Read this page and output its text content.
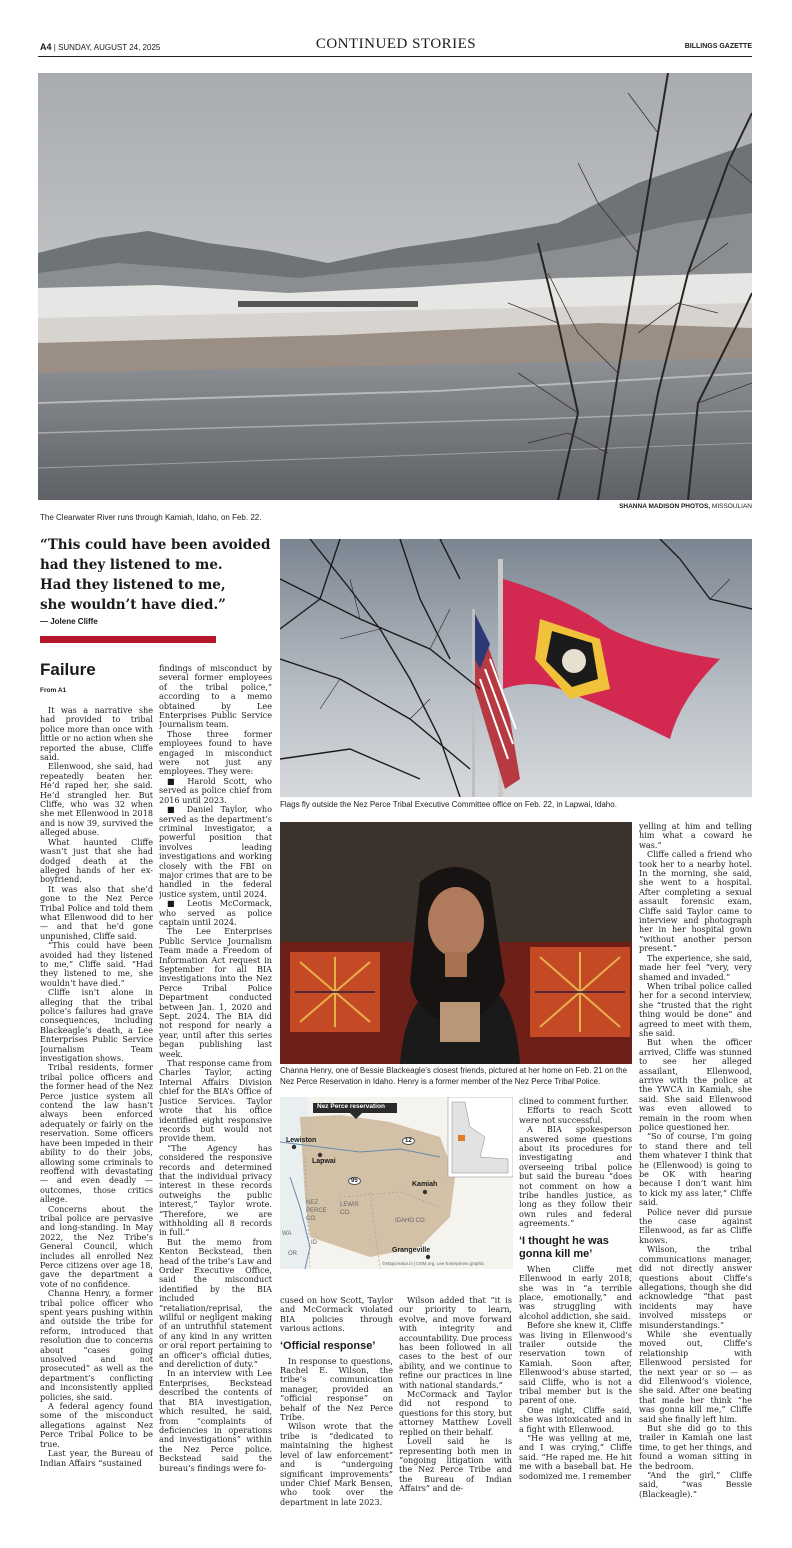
A4 | SUNDAY, AUGUST 24, 2025	CONTINUED STORIES	BILLINGS GAZETTE
SHANNA MADISON PHOTOS, MISSOULIAN
The Clearwater River runs through Kamiah, Idaho, on Feb. 22.
“This could have been avoided
had they listened to me.
Had they listened to me,
she wouldn’t have died.”
— Jolene Cliffe
Failure
From A1
Flags fly outside the Nez Perce Tribal Executive Committee office on Feb. 22, in Lapwai, Idaho.
Channa Henry, one of Bessie Blackeagle’s closest friends, pictured at her home on Feb. 21 on the Nez Perce Reservation in Idaho. Henry is a former member of the Nez Perce Tribal Police.
Nez Perce reservation
Lewiston
Lapwai
Kamiah
Grangeville
12
95
NEZ PERCE CO.
LEWIS CO.
IDAHO CO.
WA
OR
ID
©Mapcreator.io | OSM.org, Lee Enterprises graphic

It was a narrative she had provided to tribal police more than once with little or no action when she reported the abuse, Cliffe said.

Ellenwood, she said, had repeatedly beaten her. He’d raped her, she said. He’d strangled her. But Cliffe, who was 32 when she met Ellenwood in 2018 and is now 39, survived the alleged abuse.

What haunted Cliffe wasn’t just that she had dodged death at the alleged hands of her ex-boyfriend.

It was also that she’d gone to the Nez Perce Tribal Police and told them what Ellenwood did to her — and that he’d gone unpunished, Cliffe said.

“This could have been avoided had they listened to me,” Cliffe said. “Had they listened to me, she wouldn’t have died.”

Cliffe isn’t alone in alleging that the tribal police’s failures had grave consequences, including Blackeagle’s death, a Lee Enterprises Public Service Journalism Team investigation shows.

Tribal residents, former tribal police officers and the former head of the Nez Perce justice system all contend the law hasn’t always been enforced adequately or fairly on the reservation. Some officers have been impeded in their ability to do their jobs, allowing some criminals to reoffend with devastating — and even deadly — outcomes, those critics allege.

Concerns about the tribal police are pervasive and long-standing. In May 2022, the Nez Tribe’s General Council, which includes all enrolled Nez Perce citizens over age 18, gave the department a vote of no confidence.

Channa Henry, a former tribal police officer who spent years pushing within and outside the tribe for reform, introduced that resolution due to concerns about “cases going unsolved and not prosecuted” as well as the department’s conflicting and inconsistently applied policies, she said.

A federal agency found some of the misconduct allegations against Nez Perce Tribal Police to be true.

Last year, the Bureau of Indian Affairs “sustained

findings of misconduct by several former employees of the tribal police,” according to a memo obtained by Lee Enterprises Public Service Journalism team.

Those three former employees found to have engaged in misconduct were not just any employees. They were:

■ Harold Scott, who served as police chief from 2016 until 2023.

■ Daniel Taylor, who served as the department’s criminal investigator, a powerful position that involves leading investigations and working closely with the FBI on major crimes that are to be handled in the federal justice system, until 2024.

■ Leotis McCormack, who served as police captain until 2024.

The Lee Enterprises Public Service Journalism Team made a Freedom of Information Act request in September for all BIA investigations into the Nez Perce Tribal Police Department conducted between Jan. 1, 2020 and Sept. 2024. The BIA did not respond for nearly a year, until after this series began publishing last week.

That response came from Charles Taylor, acting Internal Affairs Division chief for the BIA’s Office of Justice Services. Taylor wrote that his office identified eight responsive records but would not provide them.

“The Agency has considered the responsive records and determined that the individual privacy interest in these records outweighs the public interest,” Taylor wrote. “Therefore, we are withholding all 8 records in full.”

But the memo from Kenton Beckstead, then head of the tribe’s Law and Order Executive Office, said the misconduct identified by the BIA included “retaliation/reprisal, the willful or negligent making of an untruthful statement of any kind in any written or oral report pertaining to an officer’s official duties, and dereliction of duty.”

In an interview with Lee Enterprises, Beckstead described the contents of that BIA investigation, which resulted, he said, from “complaints of deficiencies in operations and investigations” within the Nez Perce police. Beckstead said the bureau’s findings were fo-

cused on how Scott, Taylor and McCormack violated BIA policies through various actions.

‘Official response’

In response to questions, Rachel E. Wilson, the tribe’s communication manager, provided an “official response” on behalf of the Nez Perce Tribe.

Wilson wrote that the tribe is “dedicated to maintaining the highest level of law enforcement” and is “undergoing significant improvements” under Chief Mark Bensen, who took over the department in late 2023.

Wilson added that “it is our priority to learn, evolve, and move forward with integrity and accountability. Due process has been followed in all cases to the best of our ability, and we continue to refine our practices in line with national standards.”

McCormack and Taylor did not respond to questions for this story, but attorney Matthew Lovell replied on their behalf.

Lovell said he is representing both men in “ongoing litigation with the Nez Perce Tribe and the Bureau of Indian Affairs” and de-

clined to comment further.

Efforts to reach Scott were not successful.

A BIA spokesperson answered some questions about its procedures for investigating and overseeing tribal police but said the bureau “does not comment on how a tribe handles justice, as long as they follow their own rules and federal agreements.”

‘I thought he was gonna kill me’

When Cliffe met Ellenwood in early 2018, she was in “a terrible place, emotionally,” and was struggling with alcohol addiction, she said.

Before she knew it, Cliffe was living in Ellenwood’s trailer outside the reservation town of Kamiah. Soon after, Ellenwood’s abuse started, said Cliffe, who is not a tribal member but is the parent of one.

One night, Cliffe said, she was intoxicated and in a fight with Ellenwood.

“He was yelling at me, and I was crying,” Cliffe said. “He raped me. He hit me with a baseball bat. He sodomized me. I remember

yelling at him and telling him what a coward he was.”

Cliffe called a friend who took her to a nearby hotel. In the morning, she said, she went to a hospital. After completing a sexual assault forensic exam, Cliffe said Taylor came to interview and photograph her in her hospital gown “without another person present.”

The experience, she said, made her feel “very, very shamed and invaded.”

When tribal police called her for a second interview, she “trusted that the right thing would be done” and agreed to meet with them, she said.

But when the officer arrived, Cliffe was stunned to see her alleged assailant, Ellenwood, arrive with the police at the YWCA in Kamiah, she said. She said Ellenwood was even allowed to remain in the room when police questioned her.

“So of course, I’m going to stand there and tell them whatever I think that he (Ellenwood) is going to be OK with hearing because I don’t want him to kick my ass later,” Cliffe said.

Police never did pursue the case against Ellenwood, as far as Cliffe knows.

Wilson, the tribal communications manager, did not directly answer questions about Cliffe’s allegations, though she did acknowledge “that past incidents may have involved missteps or misunderstandings.”

While she eventually moved out, Cliffe’s relationship with Ellenwood persisted for the next year or so — as did Ellenwood’s violence, she said. After one beating that made her think “he was gonna kill me,” Cliffe said she finally left him.

But she did go to this trailer in Kamiah one last time, to get her things, and found a woman sitting in the bedroom.

“And the girl,” Cliffe said, “was Bessie (Blackeagle).”
